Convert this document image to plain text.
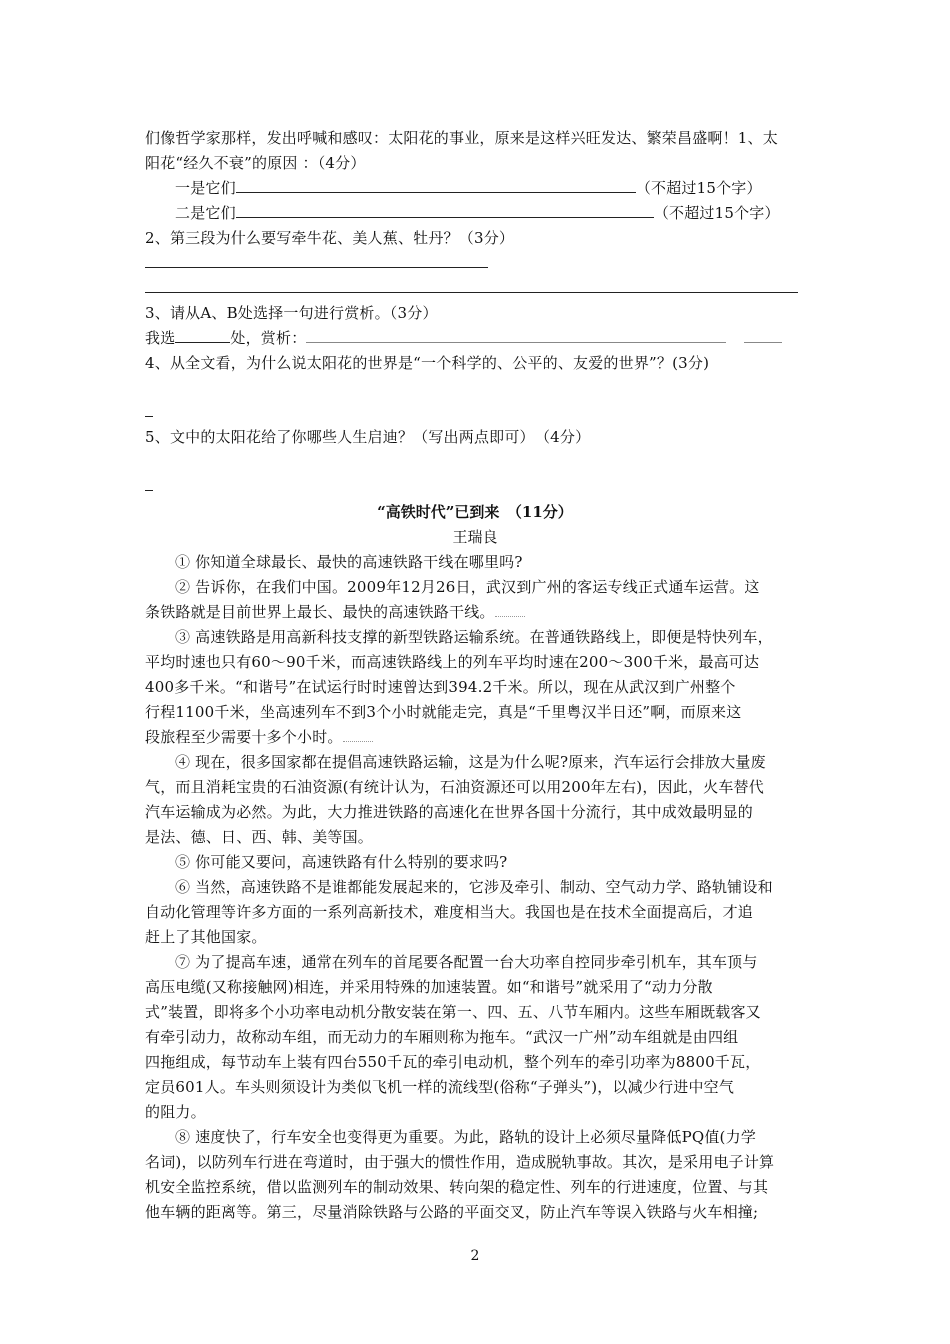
们像哲学家那样，发出呼喊和感叹：太阳花的事业，原来是这样兴旺发达、繁荣昌盛啊！1、太
阳花“经久不衰”的原因 ：（4分）
一是它们	（不超过15个字）
二是它们	（不超过15个字）
2、第三段为什么要写牵牛花、美人蕉、牡丹？（3分）
3、请从A、B处选择一句进行赏析。（3分）
我选	处，赏析：
4、从全文看，为什么说太阳花的世界是“一个科学的、公平的、友爱的世界”？(3分)
5、文中的太阳花给了你哪些人生启迪？（写出两点即可）　（4分）
“高铁时代”已到来　（11分）
王瑞良
① 你知道全球最长、最快的高速铁路干线在哪里吗?
② 告诉你，在我们中国。2009年12月26日，武汉到广州的客运专线正式通车运营。这
条铁路就是目前世界上最长、最快的高速铁路干线。
③ 高速铁路是用高新科技支撑的新型铁路运输系统。在普通铁路线上，即便是特快列车，
平均时速也只有60～90千米，而高速铁路线上的列车平均时速在200～300千米，最高可达
400多千米。“和谐号”在试运行时时速曾达到394.2千米。所以，现在从武汉到广州整个
行程1100千米，坐高速列车不到3个小时就能走完，真是“千里粤汉半日还”啊，而原来这
段旅程至少需要十多个小时。
④ 现在，很多国家都在提倡高速铁路运输，这是为什么呢?原来，汽车运行会排放大量废
气，而且消耗宝贵的石油资源(有统计认为，石油资源还可以用200年左右)，因此，火车替代
汽车运输成为必然。为此，大力推进铁路的高速化在世界各国十分流行，其中成效最明显的
是法、德、日、西、韩、美等国。
⑤ 你可能又要问，高速铁路有什么特别的要求吗?
⑥ 当然，高速铁路不是谁都能发展起来的，它涉及牵引、制动、空气动力学、路轨铺设和
自动化管理等许多方面的一系列高新技术，难度相当大。我国也是在技术全面提高后，才追
赶上了其他国家。
⑦ 为了提高车速，通常在列车的首尾要各配置一台大功率自控同步牵引机车，其车顶与
高压电缆(又称接触网)相连，并采用特殊的加速装置。如“和谐号”就采用了“动力分散
式”装置，即将多个小功率电动机分散安装在第一、四、五、八节车厢内。这些车厢既载客又
有牵引动力，故称动车组，而无动力的车厢则称为拖车。“武汉一广州”动车组就是由四组
四拖组成，每节动车上装有四台550千瓦的牵引电动机，整个列车的牵引功率为8800千瓦，
定员601人。车头则须设计为类似飞机一样的流线型(俗称“子弹头”)，以减少行进中空气
的阻力。
⑧ 速度快了，行车安全也变得更为重要。为此，路轨的设计上必须尽量降低PQ值(力学
名词)，以防列车行进在弯道时，由于强大的惯性作用，造成脱轨事故。其次，是采用电子计算
机安全监控系统，借以监测列车的制动效果、转向架的稳定性、列车的行进速度，位置、与其
他车辆的距离等。第三，尽量消除铁路与公路的平面交叉，防止汽车等误入铁路与火车相撞;
2
